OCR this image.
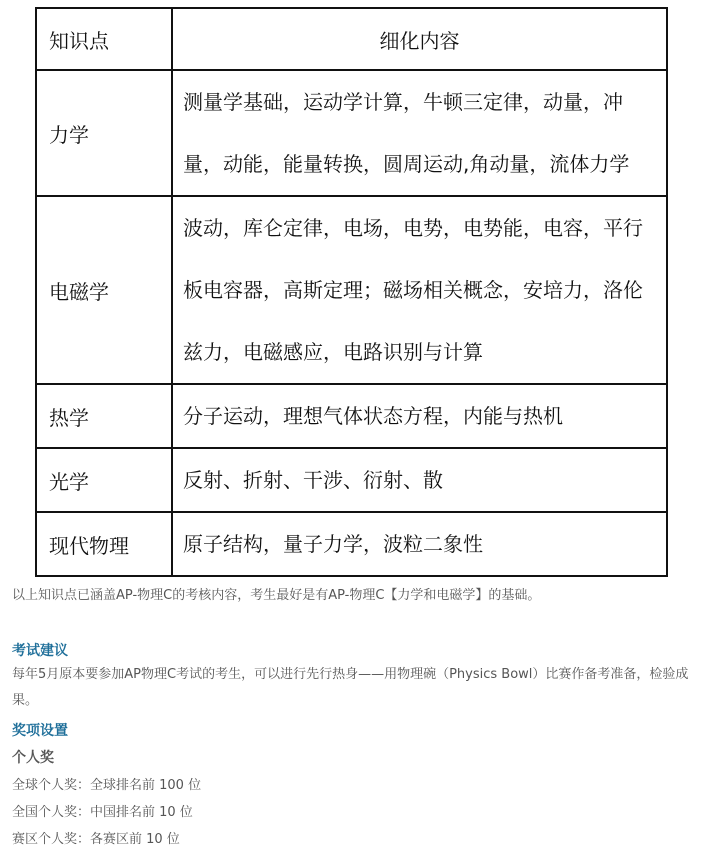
知识点	细化内容
力学	测量学基础，运动学计算，牛顿三定律，动量，冲量，动能，能量转换，圆周运动,角动量，流体力学
电磁学	波动，库仑定律，电场，电势，电势能，电容，平行板电容器，高斯定理；磁场相关概念，安培力，洛伦兹力，电磁感应，电路识别与计算
热学	分子运动，理想气体状态方程，内能与热机
光学	反射、折射、干涉、衍射、散
现代物理	原子结构，量子力学，波粒二象性
以上知识点已涵盖AP-物理C的考核内容，考生最好是有AP-物理C【力学和电磁学】的基础。
考试建议
每年5月原本要参加AP物理C考试的考生，可以进行先行热身——用物理碗（Physics Bowl）比赛作备考准备，检验成果。
奖项设置
个人奖
全球个人奖：全球排名前 100 位
全国个人奖：中国排名前 10 位
赛区个人奖：各赛区前 10 位
